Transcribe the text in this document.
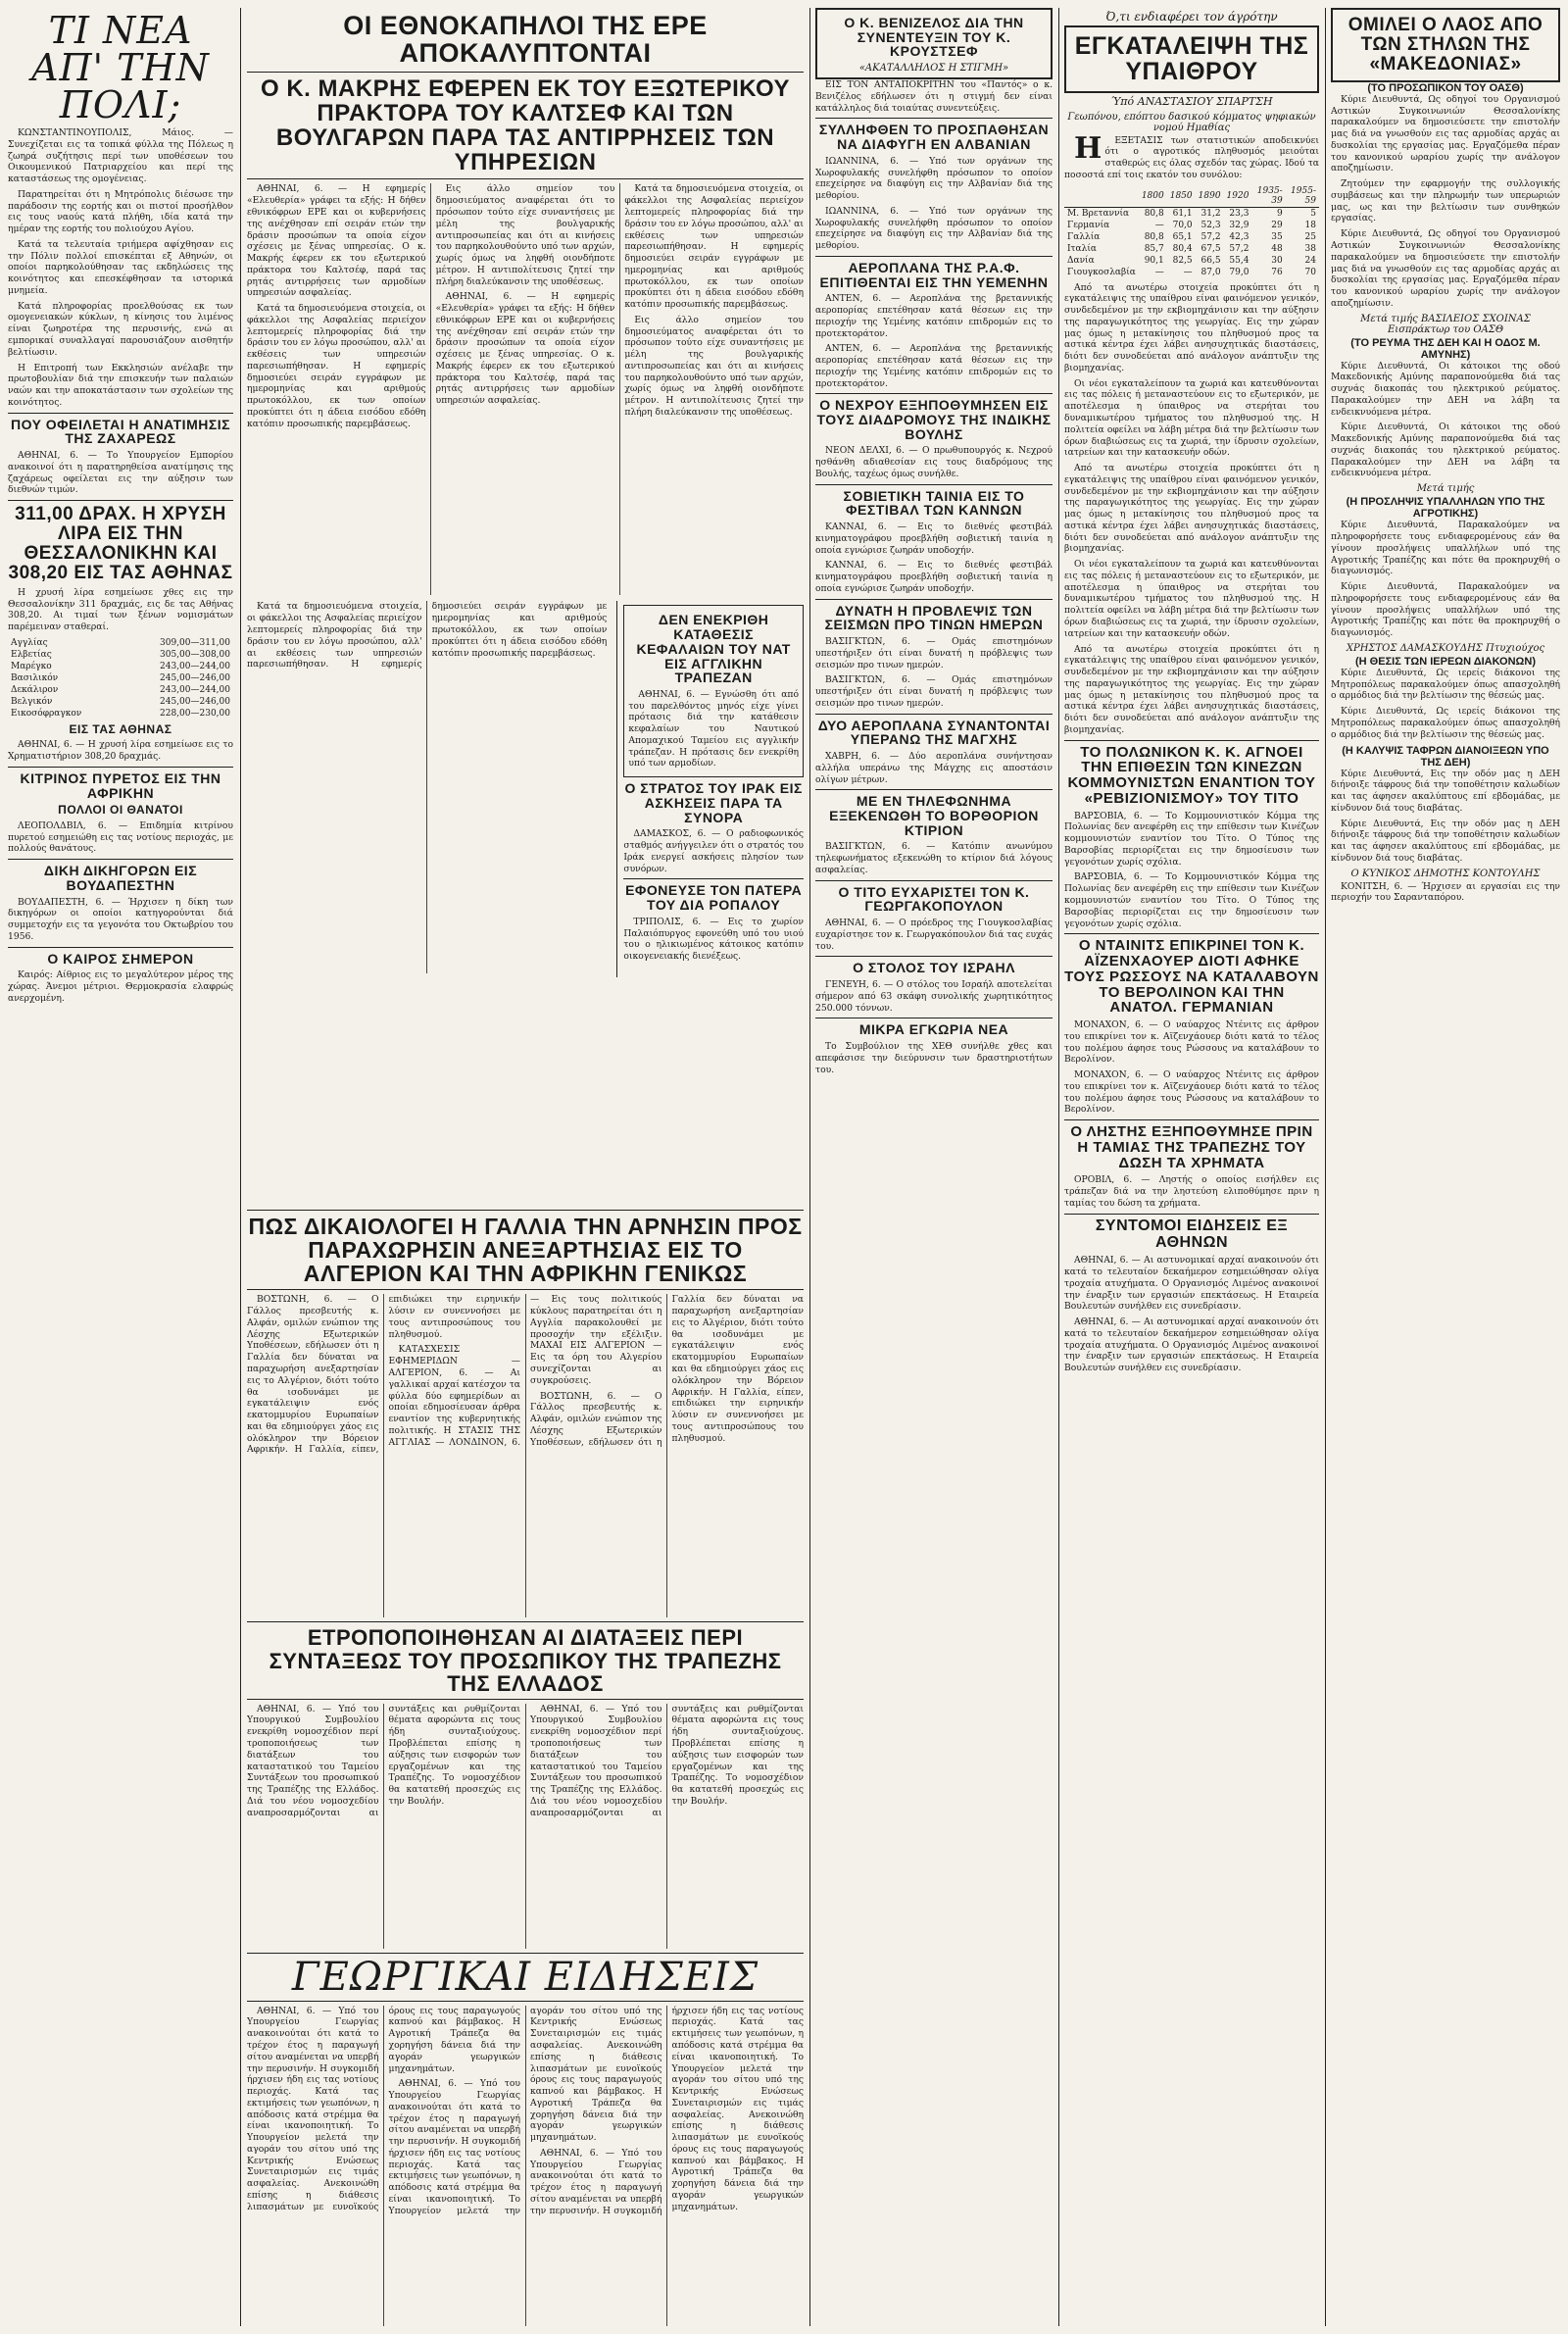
ΤΙ ΝΕΑ ΑΠ' ΤΗΝ ΠΟΛΙ;

ΚΩΝΣΤΑΝΤΙΝΟΥΠΟΛΙΣ, Μάιος. — Συνεχίζεται εις τα τοπικά φύλλα της Πόλεως η ζωηρά συζήτησις περί των υποθέσεων του Οικουμενικού Πατριαρχείου και περί της καταστάσεως της ομογένειας.

Παρατηρείται ότι η Μητρόπολις διέσωσε την παράδοσιν της εορτής και οι πιστοί προσήλθον εις τους ναούς κατά πλήθη, ιδία κατά την ημέραν της εορτής του πολιούχου Αγίου.

Κατά τα τελευταία τριήμερα αφίχθησαν εις την Πόλιν πολλοί επισκέπται εξ Αθηνών, οι οποίοι παρηκολούθησαν τας εκδηλώσεις της κοινότητος και επεσκέφθησαν τα ιστορικά μνημεία.

Κατά πληροφορίας προελθούσας εκ των ομογενειακών κύκλων, η κίνησις του λιμένος είναι ζωηροτέρα της περυσινής, ενώ αι εμπορικαί συναλλαγαί παρουσιάζουν αισθητήν βελτίωσιν.

Η Επιτροπή των Εκκλησιών ανέλαβε την πρωτοβουλίαν διά την επισκευήν των παλαιών ναών και την αποκατάστασιν των σχολείων της κοινότητος.

ΠΟΥ ΟΦΕΙΛΕΤΑΙ Η ΑΝΑΤΙΜΗΣΙΣ ΤΗΣ ΖΑΧΑΡΕΩΣ

ΑΘΗΝΑΙ, 6. — Το Υπουργείον Εμπορίου ανακοινοί ότι η παρατηρηθείσα ανατίμησις της ζαχάρεως οφείλεται εις την αύξησιν των διεθνών τιμών.

311,00 ΔΡΑΧ. Η ΧΡΥΣΗ ΛΙΡΑ ΕΙΣ ΤΗΝ ΘΕΣΣΑΛΟΝΙΚΗΝ ΚΑΙ 308,20 ΕΙΣ ΤΑΣ ΑΘΗΝΑΣ

Η χρυσή λίρα εσημείωσε χθες εις την Θεσσαλονίκην 311 δραχμάς, εις δε τας Αθήνας 308,20. Αι τιμαί των ξένων νομισμάτων παρέμειναν σταθεραί.

Αγγλίας	309,00—311,00
Ελβετίας	305,00—308,00
Μαρέγκο	243,00—244,00
Βασιλικόν	245,00—246,00
Δεκάλιρον	243,00—244,00
Βελγικόν	245,00—246,00
Εικοσόφραγκον	228,00—230,00
ΕΙΣ ΤΑΣ ΑΘΗΝΑΣ

ΑΘΗΝΑΙ, 6. — Η χρυσή λίρα εσημείωσε εις το Χρηματιστήριον 308,20 δραχμάς.

ΚΙΤΡΙΝΟΣ ΠΥΡΕΤΟΣ ΕΙΣ ΤΗΝ ΑΦΡΙΚΗΝ
ΠΟΛΛΟΙ ΟΙ ΘΑΝΑΤΟΙ

ΛΕΟΠΟΛΔΒΙΛ, 6. — Επιδημία κιτρίνου πυρετού εσημειώθη εις τας νοτίους περιοχάς, με πολλούς θανάτους.

ΔΙΚΗ ΔΙΚΗΓΟΡΩΝ ΕΙΣ ΒΟΥΔΑΠΕΣΤΗΝ

ΒΟΥΔΑΠΕΣΤΗ, 6. — Ήρχισεν η δίκη των δικηγόρων οι οποίοι κατηγορούνται διά συμμετοχήν εις τα γεγονότα του Οκτωβρίου του 1956.

Ο ΚΑΙΡΟΣ ΣΗΜΕΡΟΝ

Καιρός: Αίθριος εις το μεγαλύτερον μέρος της χώρας. Άνεμοι μέτριοι. Θερμοκρασία ελαφρώς ανερχομένη.

ΟΙ ΕΘΝΟΚΑΠΗΛΟΙ ΤΗΣ ΕΡΕ ΑΠΟΚΑΛΥΠΤΟΝΤΑΙ
Ο Κ. ΜΑΚΡΗΣ ΕΦΕΡΕΝ ΕΚ ΤΟΥ ΕΞΩΤΕΡΙΚΟΥ ΠΡΑΚΤΟΡΑ ΤΟΥ ΚΑΛΤΣΕΦ ΚΑΙ ΤΩΝ ΒΟΥΛΓΑΡΩΝ ΠΑΡΑ ΤΑΣ ΑΝΤΙΡΡΗΣΕΙΣ ΤΩΝ ΥΠΗΡΕΣΙΩΝ

ΑΘΗΝΑΙ, 6. — Η εφημερίς «Ελευθερία» γράφει τα εξής: Η δήθεν εθνικόφρων ΕΡΕ και οι κυβερνήσεις της ανέχθησαν επί σειράν ετών την δράσιν προσώπων τα οποία είχον σχέσεις με ξένας υπηρεσίας. Ο κ. Μακρής έφερεν εκ του εξωτερικού πράκτορα του Καλτσέφ, παρά τας ρητάς αντιρρήσεις των αρμοδίων υπηρεσιών ασφαλείας.

Κατά τα δημοσιευόμενα στοιχεία, οι φάκελλοι της Ασφαλείας περιείχον λεπτομερείς πληροφορίας διά την δράσιν του εν λόγω προσώπου, αλλ' αι εκθέσεις των υπηρεσιών παρεσιωπήθησαν. Η εφημερίς δημοσιεύει σειράν εγγράφων με ημερομηνίας και αριθμούς πρωτοκόλλου, εκ των οποίων προκύπτει ότι η άδεια εισόδου εδόθη κατόπιν προσωπικής παρεμβάσεως.

Εις άλλο σημείον του δημοσιεύματος αναφέρεται ότι το πρόσωπον τούτο είχε συναντήσεις με μέλη της βουλγαρικής αντιπροσωπείας και ότι αι κινήσεις του παρηκολουθούντο υπό των αρχών, χωρίς όμως να ληφθή οιονδήποτε μέτρον. Η αντιπολίτευσις ζητεί την πλήρη διαλεύκανσιν της υποθέσεως.

ΑΘΗΝΑΙ, 6. — Η εφημερίς «Ελευθερία» γράφει τα εξής: Η δήθεν εθνικόφρων ΕΡΕ και οι κυβερνήσεις της ανέχθησαν επί σειράν ετών την δράσιν προσώπων τα οποία είχον σχέσεις με ξένας υπηρεσίας. Ο κ. Μακρής έφερεν εκ του εξωτερικού πράκτορα του Καλτσέφ, παρά τας ρητάς αντιρρήσεις των αρμοδίων υπηρεσιών ασφαλείας.

Κατά τα δημοσιευόμενα στοιχεία, οι φάκελλοι της Ασφαλείας περιείχον λεπτομερείς πληροφορίας διά την δράσιν του εν λόγω προσώπου, αλλ' αι εκθέσεις των υπηρεσιών παρεσιωπήθησαν. Η εφημερίς δημοσιεύει σειράν εγγράφων με ημερομηνίας και αριθμούς πρωτοκόλλου, εκ των οποίων προκύπτει ότι η άδεια εισόδου εδόθη κατόπιν προσωπικής παρεμβάσεως.

Εις άλλο σημείον του δημοσιεύματος αναφέρεται ότι το πρόσωπον τούτο είχε συναντήσεις με μέλη της βουλγαρικής αντιπροσωπείας και ότι αι κινήσεις του παρηκολουθούντο υπό των αρχών, χωρίς όμως να ληφθή οιονδήποτε μέτρον. Η αντιπολίτευσις ζητεί την πλήρη διαλεύκανσιν της υποθέσεως.

Κατά τα δημοσιευόμενα στοιχεία, οι φάκελλοι της Ασφαλείας περιείχον λεπτομερείς πληροφορίας διά την δράσιν του εν λόγω προσώπου, αλλ' αι εκθέσεις των υπηρεσιών παρεσιωπήθησαν. Η εφημερίς δημοσιεύει σειράν εγγράφων με ημερομηνίας και αριθμούς πρωτοκόλλου, εκ των οποίων προκύπτει ότι η άδεια εισόδου εδόθη κατόπιν προσωπικής παρεμβάσεως.

ΔΕΝ ΕΝΕΚΡΙΘΗ ΚΑΤΑΘΕΣΙΣ ΚΕΦΑΛΑΙΩΝ ΤΟΥ ΝΑΤ ΕΙΣ ΑΓΓΛΙΚΗΝ ΤΡΑΠΕΖΑΝ

ΑΘΗΝΑΙ, 6. — Εγνώσθη ότι από του παρελθόντος μηνός είχε γίνει πρότασις διά την κατάθεσιν κεφαλαίων του Ναυτικού Απομαχικού Ταμείου εις αγγλικήν τράπεζαν. Η πρότασις δεν ενεκρίθη υπό των αρμοδίων.

Ο ΣΤΡΑΤΟΣ ΤΟΥ ΙΡΑΚ ΕΙΣ ΑΣΚΗΣΕΙΣ ΠΑΡΑ ΤΑ ΣΥΝΟΡΑ

ΔΑΜΑΣΚΟΣ, 6. — Ο ραδιοφωνικός σταθμός ανήγγειλεν ότι ο στρατός του Ιράκ ενεργεί ασκήσεις πλησίον των συνόρων.

ΕΦΟΝΕΥΣΕ ΤΟΝ ΠΑΤΕΡΑ ΤΟΥ ΔΙΑ ΡΟΠΑΛΟΥ

ΤΡΙΠΟΛΙΣ, 6. — Εις το χωρίον Παλαιόπυργος εφονεύθη υπό του υιού του ο ηλικιωμένος κάτοικος κατόπιν οικογενειακής διενέξεως.

ΠΩΣ ΔΙΚΑΙΟΛΟΓΕΙ Η ΓΑΛΛΙΑ ΤΗΝ ΑΡΝΗΣΙΝ ΠΡΟΣ ΠΑΡΑΧΩΡΗΣΙΝ ΑΝΕΞΑΡΤΗΣΙΑΣ ΕΙΣ ΤΟ ΑΛΓΕΡΙΟΝ ΚΑΙ ΤΗΝ ΑΦΡΙΚΗΝ ΓΕΝΙΚΩΣ

ΒΟΣΤΩΝΗ, 6. — Ο Γάλλος πρεσβευτής κ. Αλφάν, ομιλών ενώπιον της Λέσχης Εξωτερικών Υποθέσεων, εδήλωσεν ότι η Γαλλία δεν δύναται να παραχωρήση ανεξαρτησίαν εις το Αλγέριον, διότι τούτο θα ισοδυνάμει με εγκατάλειψιν ενός εκατομμυρίου Ευρωπαίων και θα εδημιούργει χάος εις ολόκληρον την Βόρειον Αφρικήν. Η Γαλλία, είπεν, επιδιώκει την ειρηνικήν λύσιν εν συνεννοήσει με τους αντιπροσώπους του πληθυσμού.

ΚΑΤΑΣΧΕΣΙΣ ΕΦΗΜΕΡΙΔΩΝ — ΑΛΓΕΡΙΟΝ, 6. — Αι γαλλικαί αρχαί κατέσχον τα φύλλα δύο εφημερίδων αι οποίαι εδημοσίευσαν άρθρα εναντίον της κυβερνητικής πολιτικής. Η ΣΤΑΣΙΣ ΤΗΣ ΑΓΓΛΙΑΣ — ΛΟΝΔΙΝΟΝ, 6. — Εις τους πολιτικούς κύκλους παρατηρείται ότι η Αγγλία παρακολουθεί με προσοχήν την εξέλιξιν. ΜΑΧΑΙ ΕΙΣ ΑΛΓΕΡΙΟΝ — Εις τα όρη του Αλγερίου συνεχίζονται αι συγκρούσεις.

ΒΟΣΤΩΝΗ, 6. — Ο Γάλλος πρεσβευτής κ. Αλφάν, ομιλών ενώπιον της Λέσχης Εξωτερικών Υποθέσεων, εδήλωσεν ότι η Γαλλία δεν δύναται να παραχωρήση ανεξαρτησίαν εις το Αλγέριον, διότι τούτο θα ισοδυνάμει με εγκατάλειψιν ενός εκατομμυρίου Ευρωπαίων και θα εδημιούργει χάος εις ολόκληρον την Βόρειον Αφρικήν. Η Γαλλία, είπεν, επιδιώκει την ειρηνικήν λύσιν εν συνεννοήσει με τους αντιπροσώπους του πληθυσμού.

ΕΤΡΟΠΟΠΟΙΗΘΗΣΑΝ ΑΙ ΔΙΑΤΑΞΕΙΣ ΠΕΡΙ ΣΥΝΤΑΞΕΩΣ ΤΟΥ ΠΡΟΣΩΠΙΚΟΥ ΤΗΣ ΤΡΑΠΕΖΗΣ ΤΗΣ ΕΛΛΑΔΟΣ

ΑΘΗΝΑΙ, 6. — Υπό του Υπουργικού Συμβουλίου ενεκρίθη νομοσχέδιον περί τροποποιήσεως των διατάξεων του καταστατικού του Ταμείου Συντάξεων του προσωπικού της Τραπέζης της Ελλάδος. Διά του νέου νομοσχεδίου αναπροσαρμόζονται αι συντάξεις και ρυθμίζονται θέματα αφορώντα εις τους ήδη συνταξιούχους. Προβλέπεται επίσης η αύξησις των εισφορών των εργαζομένων και της Τραπέζης. Το νομοσχέδιον θα κατατεθή προσεχώς εις την Βουλήν.

ΑΘΗΝΑΙ, 6. — Υπό του Υπουργικού Συμβουλίου ενεκρίθη νομοσχέδιον περί τροποποιήσεως των διατάξεων του καταστατικού του Ταμείου Συντάξεων του προσωπικού της Τραπέζης της Ελλάδος. Διά του νέου νομοσχεδίου αναπροσαρμόζονται αι συντάξεις και ρυθμίζονται θέματα αφορώντα εις τους ήδη συνταξιούχους. Προβλέπεται επίσης η αύξησις των εισφορών των εργαζομένων και της Τραπέζης. Το νομοσχέδιον θα κατατεθή προσεχώς εις την Βουλήν.

ΓΕΩΡΓΙΚΑΙ ΕΙΔΗΣΕΙΣ

ΑΘΗΝΑΙ, 6. — Υπό του Υπουργείου Γεωργίας ανακοινούται ότι κατά το τρέχον έτος η παραγωγή σίτου αναμένεται να υπερβή την περυσινήν. Η συγκομιδή ήρχισεν ήδη εις τας νοτίους περιοχάς. Κατά τας εκτιμήσεις των γεωπόνων, η απόδοσις κατά στρέμμα θα είναι ικανοποιητική. Το Υπουργείον μελετά την αγοράν του σίτου υπό της Κεντρικής Ενώσεως Συνεταιρισμών εις τιμάς ασφαλείας. Ανεκοινώθη επίσης η διάθεσις λιπασμάτων με ευνοϊκούς όρους εις τους παραγωγούς καπνού και βάμβακος. Η Αγροτική Τράπεζα θα χορηγήση δάνεια διά την αγοράν γεωργικών μηχανημάτων.

ΑΘΗΝΑΙ, 6. — Υπό του Υπουργείου Γεωργίας ανακοινούται ότι κατά το τρέχον έτος η παραγωγή σίτου αναμένεται να υπερβή την περυσινήν. Η συγκομιδή ήρχισεν ήδη εις τας νοτίους περιοχάς. Κατά τας εκτιμήσεις των γεωπόνων, η απόδοσις κατά στρέμμα θα είναι ικανοποιητική. Το Υπουργείον μελετά την αγοράν του σίτου υπό της Κεντρικής Ενώσεως Συνεταιρισμών εις τιμάς ασφαλείας. Ανεκοινώθη επίσης η διάθεσις λιπασμάτων με ευνοϊκούς όρους εις τους παραγωγούς καπνού και βάμβακος. Η Αγροτική Τράπεζα θα χορηγήση δάνεια διά την αγοράν γεωργικών μηχανημάτων.

ΑΘΗΝΑΙ, 6. — Υπό του Υπουργείου Γεωργίας ανακοινούται ότι κατά το τρέχον έτος η παραγωγή σίτου αναμένεται να υπερβή την περυσινήν. Η συγκομιδή ήρχισεν ήδη εις τας νοτίους περιοχάς. Κατά τας εκτιμήσεις των γεωπόνων, η απόδοσις κατά στρέμμα θα είναι ικανοποιητική. Το Υπουργείον μελετά την αγοράν του σίτου υπό της Κεντρικής Ενώσεως Συνεταιρισμών εις τιμάς ασφαλείας. Ανεκοινώθη επίσης η διάθεσις λιπασμάτων με ευνοϊκούς όρους εις τους παραγωγούς καπνού και βάμβακος. Η Αγροτική Τράπεζα θα χορηγήση δάνεια διά την αγοράν γεωργικών μηχανημάτων.

Ο Κ. ΒΕΝΙΖΕΛΟΣ ΔΙΑ ΤΗΝ ΣΥΝΕΝΤΕΥΞΙΝ ΤΟΥ Κ. ΚΡΟΥΣΤΣΕΦ
«ΑΚΑΤΑΛΛΗΛΟΣ Η ΣΤΙΓΜΗ»

ΕΙΣ ΤΟΝ ΑΝΤΑΠΟΚΡΙΤΗΝ του «Παντός» ο κ. Βενιζέλος εδήλωσεν ότι η στιγμή δεν είναι κατάλληλος διά τοιαύτας συνεντεύξεις.

ΣΥΛΛΗΦΘΕΝ ΤΟ ΠΡΟΣΠΑΘΗΣΑΝ ΝΑ ΔΙΑΦΥΓΗ ΕΝ ΑΛΒΑΝΙΑΝ

ΙΩΑΝΝΙΝΑ, 6. — Υπό των οργάνων της Χωροφυλακής συνελήφθη πρόσωπον το οποίον επεχείρησε να διαφύγη εις την Αλβανίαν διά της μεθορίου.

ΙΩΑΝΝΙΝΑ, 6. — Υπό των οργάνων της Χωροφυλακής συνελήφθη πρόσωπον το οποίον επεχείρησε να διαφύγη εις την Αλβανίαν διά της μεθορίου.

ΑΕΡΟΠΛΑΝΑ ΤΗΣ Ρ.Α.Φ. ΕΠΙΤΙΘΕΝΤΑΙ ΕΙΣ ΤΗΝ ΥΕΜΕΝΗΝ

ΑΝΤΕΝ, 6. — Αεροπλάνα της βρεταννικής αεροπορίας επετέθησαν κατά θέσεων εις την περιοχήν της Υεμένης κατόπιν επιδρομών εις το προτεκτοράτον.

ΑΝΤΕΝ, 6. — Αεροπλάνα της βρεταννικής αεροπορίας επετέθησαν κατά θέσεων εις την περιοχήν της Υεμένης κατόπιν επιδρομών εις το προτεκτοράτον.

Ο ΝΕΧΡΟΥ ΕΞΗΠΟΘΥΜΗΣΕΝ ΕΙΣ ΤΟΥΣ ΔΙΑΔΡΟΜΟΥΣ ΤΗΣ ΙΝΔΙΚΗΣ ΒΟΥΛΗΣ

ΝΕΟΝ ΔΕΛΧΙ, 6. — Ο πρωθυπουργός κ. Νεχρού ησθάνθη αδιαθεσίαν εις τους διαδρόμους της Βουλής, ταχέως όμως συνήλθε.

ΣΟΒΙΕΤΙΚΗ ΤΑΙΝΙΑ ΕΙΣ ΤΟ ΦΕΣΤΙΒΑΛ ΤΩΝ ΚΑΝΝΩΝ

ΚΑΝΝΑΙ, 6. — Εις το διεθνές φεστιβάλ κινηματογράφου προεβλήθη σοβιετική ταινία η οποία εγνώρισε ζωηράν υποδοχήν.

ΚΑΝΝΑΙ, 6. — Εις το διεθνές φεστιβάλ κινηματογράφου προεβλήθη σοβιετική ταινία η οποία εγνώρισε ζωηράν υποδοχήν.

ΔΥΝΑΤΗ Η ΠΡΟΒΛΕΨΙΣ ΤΩΝ ΣΕΙΣΜΩΝ ΠΡΟ ΤΙΝΩΝ ΗΜΕΡΩΝ

ΒΑΣΙΓΚΤΩΝ, 6. — Ομάς επιστημόνων υπεστήριξεν ότι είναι δυνατή η πρόβλεψις των σεισμών προ τινων ημερών.

ΒΑΣΙΓΚΤΩΝ, 6. — Ομάς επιστημόνων υπεστήριξεν ότι είναι δυνατή η πρόβλεψις των σεισμών προ τινων ημερών.

ΔΥΟ ΑΕΡΟΠΛΑΝΑ ΣΥΝΑΝΤΟΝΤΑΙ ΥΠΕΡΑΝΩ ΤΗΣ ΜΑΓΧΗΣ

ΧΑΒΡΗ, 6. — Δύο αεροπλάνα συνήντησαν αλλήλα υπεράνω της Μάγχης εις αποστάσιν ολίγων μέτρων.

ΜΕ ΕΝ ΤΗΛΕΦΩΝΗΜΑ ΕΞΕΚΕΝΩΘΗ ΤΟ ΒΟΡΘΟΡΙΟΝ ΚΤΙΡΙΟΝ

ΒΑΣΙΓΚΤΩΝ, 6. — Κατόπιν ανωνύμου τηλεφωνήματος εξεκενώθη το κτίριον διά λόγους ασφαλείας.

Ο ΤΙΤΟ ΕΥΧΑΡΙΣΤΕΙ ΤΟΝ Κ. ΓΕΩΡΓΑΚΟΠΟΥΛΟΝ

ΑΘΗΝΑΙ, 6. — Ο πρόεδρος της Γιουγκοσλαβίας ευχαρίστησε τον κ. Γεωργακόπουλον διά τας ευχάς του.

Ο ΣΤΟΛΟΣ ΤΟΥ ΙΣΡΑΗΛ

ΓΕΝΕΥΗ, 6. — Ο στόλος του Ισραήλ αποτελείται σήμερον από 63 σκάφη συνολικής χωρητικότητος 250.000 τόννων.

ΜΙΚΡΑ ΕΓΚΩΡΙΑ ΝΕΑ

Το Συμβούλιον της ΧΕΘ συνήλθε χθες και απεφάσισε την διεύρυνσιν των δραστηριοτήτων του.

Ό,τι ενδιαφέρει τον άγρότην
ΕΓΚΑΤΑΛΕΙΨΗ ΤΗΣ ΥΠΑΙΘΡΟΥ
Ύπό ΑΝΑΣΤΑΣΙΟΥ ΣΠΑΡΤΣΗ
Γεωπόνου, επόπτου δασικού κόμματος ψηφιακών νομού Ημαθίας

ΗΕΞΕΤΑΣΙΣ των στατιστικών αποδεικνύει ότι ο αγροτικός πληθυσμός μειούται σταθερώς εις όλας σχεδόν τας χώρας. Ιδού τα ποσοστά επί τοις εκατόν του συνόλου:

	1800	1850	1890	1920	1935-39	1955-59
Μ. Βρεταννία	80,8	61,1	31,2	23,3	9	5
Γερμανία	—	70,0	52,3	32,9	29	18
Γαλλία	80,8	65,1	57,2	42,3	35	25
Ιταλία	85,7	80,4	67,5	57,2	48	38
Δανία	90,1	82,5	66,5	55,4	30	24
Γιουγκοσλαβία	—	—	87,0	79,0	76	70

Από τα ανωτέρω στοιχεία προκύπτει ότι η εγκατάλειψις της υπαίθρου είναι φαινόμενον γενικόν, συνδεδεμένον με την εκβιομηχάνισιν και την αύξησιν της παραγωγικότητος της γεωργίας. Εις την χώραν μας όμως η μετακίνησις του πληθυσμού προς τα αστικά κέντρα έχει λάβει ανησυχητικάς διαστάσεις, διότι δεν συνοδεύεται από ανάλογον ανάπτυξιν της βιομηχανίας.

Οι νέοι εγκαταλείπουν τα χωριά και κατευθύνονται εις τας πόλεις ή μεταναστεύουν εις το εξωτερικόν, με αποτέλεσμα η ύπαιθρος να στερήται του δυναμικωτέρου τμήματος του πληθυσμού της. Η πολιτεία οφείλει να λάβη μέτρα διά την βελτίωσιν των όρων διαβιώσεως εις τα χωριά, την ίδρυσιν σχολείων, ιατρείων και την κατασκευήν οδών.

Από τα ανωτέρω στοιχεία προκύπτει ότι η εγκατάλειψις της υπαίθρου είναι φαινόμενον γενικόν, συνδεδεμένον με την εκβιομηχάνισιν και την αύξησιν της παραγωγικότητος της γεωργίας. Εις την χώραν μας όμως η μετακίνησις του πληθυσμού προς τα αστικά κέντρα έχει λάβει ανησυχητικάς διαστάσεις, διότι δεν συνοδεύεται από ανάλογον ανάπτυξιν της βιομηχανίας.

Οι νέοι εγκαταλείπουν τα χωριά και κατευθύνονται εις τας πόλεις ή μεταναστεύουν εις το εξωτερικόν, με αποτέλεσμα η ύπαιθρος να στερήται του δυναμικωτέρου τμήματος του πληθυσμού της. Η πολιτεία οφείλει να λάβη μέτρα διά την βελτίωσιν των όρων διαβιώσεως εις τα χωριά, την ίδρυσιν σχολείων, ιατρείων και την κατασκευήν οδών.

Από τα ανωτέρω στοιχεία προκύπτει ότι η εγκατάλειψις της υπαίθρου είναι φαινόμενον γενικόν, συνδεδεμένον με την εκβιομηχάνισιν και την αύξησιν της παραγωγικότητος της γεωργίας. Εις την χώραν μας όμως η μετακίνησις του πληθυσμού προς τα αστικά κέντρα έχει λάβει ανησυχητικάς διαστάσεις, διότι δεν συνοδεύεται από ανάλογον ανάπτυξιν της βιομηχανίας.

ΤΟ ΠΟΛΩΝΙΚΟΝ Κ. Κ. ΑΓΝΟΕΙ ΤΗΝ ΕΠΙΘΕΣΙΝ ΤΩΝ ΚΙΝΕΖΩΝ ΚΟΜΜΟΥΝΙΣΤΩΝ ΕΝΑΝΤΙΟΝ ΤΟΥ «ΡΕΒΙΖΙΟΝΙΣΜΟΥ» ΤΟΥ ΤΙΤΟ

ΒΑΡΣΟΒΙΑ, 6. — Το Κομμουνιστικόν Κόμμα της Πολωνίας δεν ανεφέρθη εις την επίθεσιν των Κινέζων κομμουνιστών εναντίον του Τίτο. Ο Τύπος της Βαρσοβίας περιορίζεται εις την δημοσίευσιν των γεγονότων χωρίς σχόλια.

ΒΑΡΣΟΒΙΑ, 6. — Το Κομμουνιστικόν Κόμμα της Πολωνίας δεν ανεφέρθη εις την επίθεσιν των Κινέζων κομμουνιστών εναντίον του Τίτο. Ο Τύπος της Βαρσοβίας περιορίζεται εις την δημοσίευσιν των γεγονότων χωρίς σχόλια.

Ο ΝΤΑΙΝΙΤΣ ΕΠΙΚΡΙΝΕΙ ΤΟΝ Κ. ΑΪΖΕΝΧΑΟΥΕΡ ΔΙΟΤΙ ΑΦΗΚΕ ΤΟΥΣ ΡΩΣΣΟΥΣ ΝΑ ΚΑΤΑΛΑΒΟΥΝ ΤΟ ΒΕΡΟΛΙΝΟΝ ΚΑΙ ΤΗΝ ΑΝΑΤΟΛ. ΓΕΡΜΑΝΙΑΝ

ΜΟΝΑΧΟΝ, 6. — Ο ναύαρχος Ντένιτς εις άρθρον του επικρίνει τον κ. Αϊζενχάουερ διότι κατά το τέλος του πολέμου άφησε τους Ρώσσους να καταλάβουν το Βερολίνον.

ΜΟΝΑΧΟΝ, 6. — Ο ναύαρχος Ντένιτς εις άρθρον του επικρίνει τον κ. Αϊζενχάουερ διότι κατά το τέλος του πολέμου άφησε τους Ρώσσους να καταλάβουν το Βερολίνον.

Ο ΛΗΣΤΗΣ ΕΞΗΠΟΘΥΜΗΣΕ ΠΡΙΝ Η ΤΑΜΙΑΣ ΤΗΣ ΤΡΑΠΕΖΗΣ ΤΟΥ ΔΩΣΗ ΤΑ ΧΡΗΜΑΤΑ

ΟΡΟΒΙΛ, 6. — Ληστής ο οποίος εισήλθεν εις τράπεζαν διά να την ληστεύση ελιποθύμησε πριν η ταμίας του δώση τα χρήματα.

ΣΥΝΤΟΜΟΙ ΕΙΔΗΣΕΙΣ ΕΞ ΑΘΗΝΩΝ

ΑΘΗΝΑΙ, 6. — Αι αστυνομικαί αρχαί ανακοινούν ότι κατά το τελευταίον δεκαήμερον εσημειώθησαν ολίγα τροχαία ατυχήματα. Ο Οργανισμός Λιμένος ανακοινοί την έναρξιν των εργασιών επεκτάσεως. Η Εταιρεία Βουλευτών συνήλθεν εις συνεδρίασιν.

ΑΘΗΝΑΙ, 6. — Αι αστυνομικαί αρχαί ανακοινούν ότι κατά το τελευταίον δεκαήμερον εσημειώθησαν ολίγα τροχαία ατυχήματα. Ο Οργανισμός Λιμένος ανακοινοί την έναρξιν των εργασιών επεκτάσεως. Η Εταιρεία Βουλευτών συνήλθεν εις συνεδρίασιν.

ΟΜΙΛΕΙ Ο ΛΑΟΣ ΑΠΟ ΤΩΝ ΣΤΗΛΩΝ ΤΗΣ «ΜΑΚΕΔΟΝΙΑΣ»
(ΤΟ ΠΡΟΣΩΠΙΚΟΝ ΤΟΥ ΟΑΣΘ)

Κύριε Διευθυντά, Ως οδηγοί του Οργανισμού Αστικών Συγκοινωνιών Θεσσαλονίκης παρακαλούμεν να δημοσιεύσετε την επιστολήν μας διά να γνωσθούν εις τας αρμοδίας αρχάς αι δυσκολίαι της εργασίας μας. Εργαζόμεθα πέραν του κανονικού ωραρίου χωρίς την ανάλογον αποζημίωσιν.

Ζητούμεν την εφαρμογήν της συλλογικής συμβάσεως και την πληρωμήν των υπερωριών μας, ως και την βελτίωσιν των συνθηκών εργασίας.

Κύριε Διευθυντά, Ως οδηγοί του Οργανισμού Αστικών Συγκοινωνιών Θεσσαλονίκης παρακαλούμεν να δημοσιεύσετε την επιστολήν μας διά να γνωσθούν εις τας αρμοδίας αρχάς αι δυσκολίαι της εργασίας μας. Εργαζόμεθα πέραν του κανονικού ωραρίου χωρίς την ανάλογον αποζημίωσιν.

Μετά τιμής ΒΑΣΙΛΕΙΟΣ ΣΧΟΙΝΑΣ Εισπράκτωρ του ΟΑΣΘ
(ΤΟ ΡΕΥΜΑ ΤΗΣ ΔΕΗ ΚΑΙ Η ΟΔΟΣ Μ. ΑΜΥΝΗΣ)

Κύριε Διευθυντά, Οι κάτοικοι της οδού Μακεδονικής Αμύνης παραπονούμεθα διά τας συχνάς διακοπάς του ηλεκτρικού ρεύματος. Παρακαλούμεν την ΔΕΗ να λάβη τα ενδεικνυόμενα μέτρα.

Κύριε Διευθυντά, Οι κάτοικοι της οδού Μακεδονικής Αμύνης παραπονούμεθα διά τας συχνάς διακοπάς του ηλεκτρικού ρεύματος. Παρακαλούμεν την ΔΕΗ να λάβη τα ενδεικνυόμενα μέτρα.

Μετά τιμής
(Η ΠΡΟΣΛΗΨΙΣ ΥΠΑΛΛΗΛΩΝ ΥΠΟ ΤΗΣ ΑΓΡΟΤΙΚΗΣ)

Κύριε Διευθυντά, Παρακαλούμεν να πληροφορήσετε τους ενδιαφερομένους εάν θα γίνουν προσλήψεις υπαλλήλων υπό της Αγροτικής Τραπέζης και πότε θα προκηρυχθή ο διαγωνισμός.

Κύριε Διευθυντά, Παρακαλούμεν να πληροφορήσετε τους ενδιαφερομένους εάν θα γίνουν προσλήψεις υπαλλήλων υπό της Αγροτικής Τραπέζης και πότε θα προκηρυχθή ο διαγωνισμός.

ΧΡΗΣΤΟΣ ΔΑΜΑΣΚΟΥΔΗΣ Πτυχιούχος
(Η ΘΕΣΙΣ ΤΩΝ ΙΕΡΕΩΝ ΔΙΑΚΟΝΩΝ)

Κύριε Διευθυντά, Ως ιερείς διάκονοι της Μητροπόλεως παρακαλούμεν όπως απασχοληθή ο αρμόδιος διά την βελτίωσιν της θέσεώς μας.

Κύριε Διευθυντά, Ως ιερείς διάκονοι της Μητροπόλεως παρακαλούμεν όπως απασχοληθή ο αρμόδιος διά την βελτίωσιν της θέσεώς μας.

(Η ΚΑΛΥΨΙΣ ΤΑΦΡΩΝ ΔΙΑΝΟΙΞΕΩΝ ΥΠΟ ΤΗΣ ΔΕΗ)

Κύριε Διευθυντά, Εις την οδόν μας η ΔΕΗ διήνοιξε τάφρους διά την τοποθέτησιν καλωδίων και τας άφησεν ακαλύπτους επί εβδομάδας, με κίνδυνον διά τους διαβάτας.

Κύριε Διευθυντά, Εις την οδόν μας η ΔΕΗ διήνοιξε τάφρους διά την τοποθέτησιν καλωδίων και τας άφησεν ακαλύπτους επί εβδομάδας, με κίνδυνον διά τους διαβάτας.

Ο ΚΥΝΙΚΟΣ ΔΗΜΟΤΗΣ ΚΟΝΤΟΥΛΗΣ

ΚΟΝΙΤΣΗ, 6. — Ήρχισεν αι εργασίαι εις την περιοχήν του Σαρανταπόρου.
